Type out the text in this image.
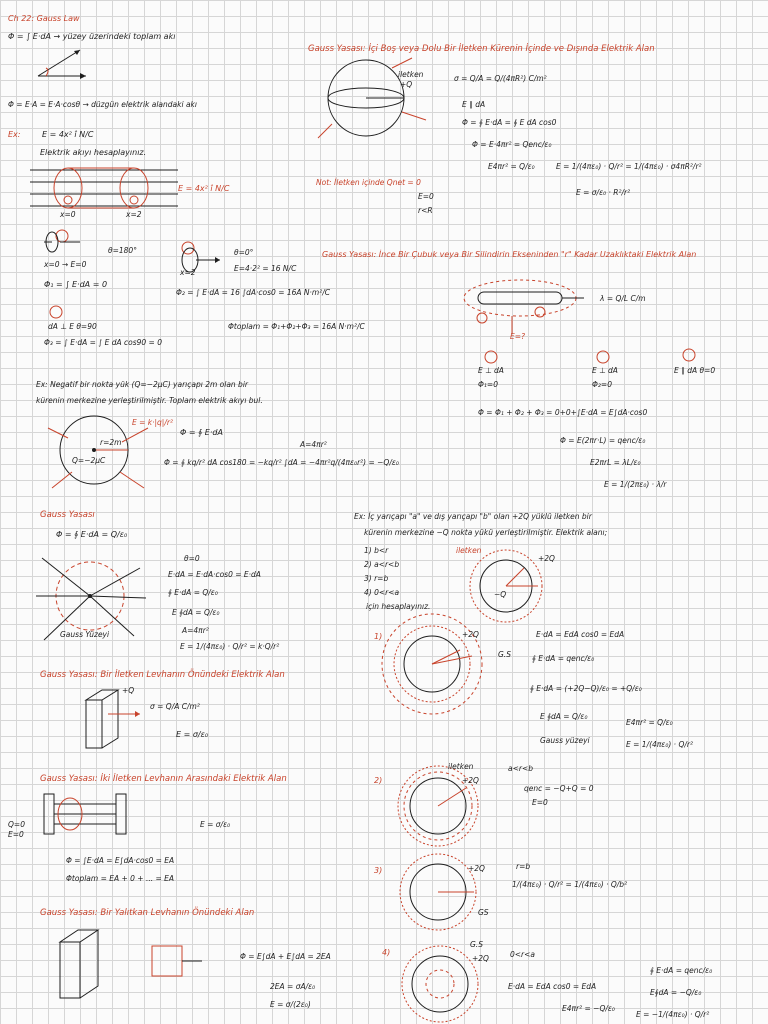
Ch 22: Gauss Law
Φ = ∫ E·dA → yüzey üzerindeki toplam akı
Φ = E·A = E·A·cosθ → düzgün elektrik alandaki akı
Ex:	E = 4x² î N/C
Elektrik akıyı hesaplayınız.
E = 4x² î N/C
x=0	x=2
θ=180°
x=0 → E=0
Φ₁ = ∫ E·dA = 0
θ=0°
x=2	E=4·2² = 16 N/C
Φ₂ = ∫ E·dA = 16 ∫dA·cos0 = 16A N·m²/C
dA ⊥ E θ=90
Φ₃ = ∫ E·dA = ∫ E dA cos90 = 0
Φtoplam = Φ₁+Φ₂+Φ₃ = 16A N·m²/C
Ex: Negatif bir nokta yük (Q=−2μC) yarıçapı 2m olan bir
kürenin merkezine yerleştirilmiştir. Toplam elektrik akıyı bul.
E = k·|q|/r²
r=2m
Q=−2μC
Φ = ∮ E·dA
A=4πr²
Φ = ∮ kq/r² dA cos180 = −kq/r² ∫dA = −4πr²q/(4πε₀r²) = −Q/ε₀
Gauss Yasası
Φ = ∮ E·dA = Q/ε₀
Gauss Yüzeyi
θ=0
E·dA = E·dA·cos0 = E·dA
∮ E·dA = Q/ε₀
E ∮dA = Q/ε₀
A=4πr²
E = 1/(4πε₀) · Q/r² = k·Q/r²
Gauss Yasası: Bir İletken Levhanın Önündeki Elektrik Alan
+Q
σ = Q/A C/m²
E = σ/ε₀
Gauss Yasası: İki İletken Levhanın Arasındaki Elektrik Alan
Q=0
E=0
E = σ/ε₀
Φ = ∫E·dA = E∫dA·cos0 = EA
Φtoplam = EA + 0 + ... = EA
Gauss Yasası: Bir Yalıtkan Levhanın Önündeki Alan
Φ = E∫dA + E∫dA = 2EA
2EA = σA/ε₀
E = σ/(2ε₀)
Gauss Yasası: İçi Boş veya Dolu Bir İletken Kürenin İçinde ve Dışında Elektrik Alan
iletken
+Q
σ = Q/A = Q/(4πR²) C/m²
E ∥ dA
Φ = ∮ E·dA = ∮ E dA cos0
Φ = E·4πr² = Qenc/ε₀
E4πr² = Q/ε₀	E = 1/(4πε₀) · Q/r² = 1/(4πε₀) · σ4πR²/r²
E = σ/ε₀ · R²/r²
Not: İletken içinde Qnet = 0
E=0
r<R
Gauss Yasası: İnce Bir Çubuk veya Bir Silindirin Ekseninden "r" Kadar Uzaklıktaki Elektrik Alan
λ = Q/L C/m
E=?
E ⊥ dA
Φ₁=0
E ⊥ dA
Φ₂=0
E ∥ dA θ=0
Φ = Φ₁ + Φ₂ + Φ₃ = 0+0+∫E·dA = E∫dA·cos0
Φ = E(2πr·L) = qenc/ε₀
E2πrL = λL/ε₀
E = 1/(2πε₀) · λ/r
Ex: İç yarıçapı "a" ve dış yarıçapı "b" olan +2Q yüklü iletken bir
kürenin merkezine −Q nokta yükü yerleştirilmiştir. Elektrik alanı;
1) b<r
2) a<r<b
3) r=b
4) 0<r<a
için hesaplayınız.
iletken
+2Q
−Q
1)	+2Q
G.S
E·dA = EdA cos0 = EdA
∮ E·dA = qenc/ε₀
∮ E·dA = (+2Q−Q)/ε₀ = +Q/ε₀
E ∮dA = Q/ε₀
E4πr² = Q/ε₀
E = 1/(4πε₀) · Q/r²
Gauss yüzeyi
2)
iletken
+2Q
a<r<b
qenc = −Q+Q = 0
E=0
3)	+2Q
GS
r=b
1/(4πε₀) · Q/r² = 1/(4πε₀) · Q/b²
4)
+2Q
G.S
0<r<a
E·dA = EdA cos0 = EdA
∮ E·dA = qenc/ε₀
E∮dA = −Q/ε₀
E4πr² = −Q/ε₀
E = −1/(4πε₀) · Q/r²
